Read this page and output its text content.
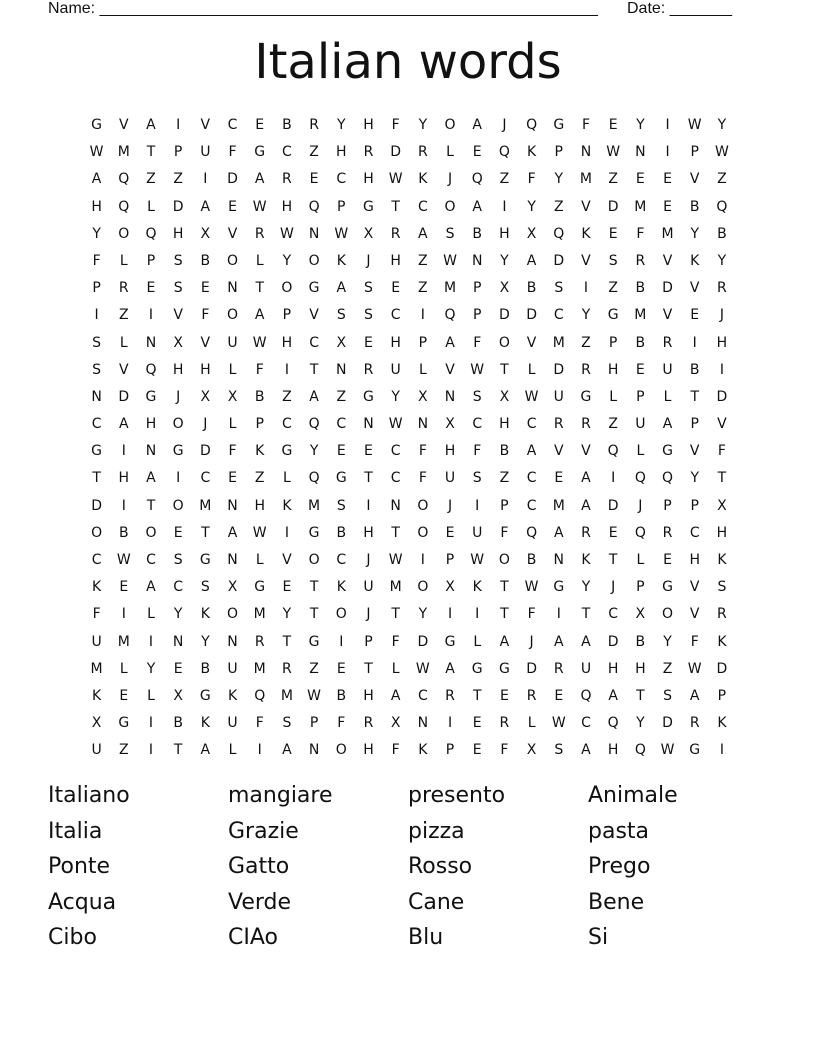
Name: ________________________________________________________ Date: _______
Italian words
G	V	A	I	V	C	E	B	R	Y	H	F	Y	O	A	J	Q	G	F	E	Y	I	W	Y
W	M	T	P	U	F	G	C	Z	H	R	D	R	L	E	Q	K	P	N	W	N	I	P	W
A	Q	Z	Z	I	D	A	R	E	C	H	W	K	J	Q	Z	F	Y	M	Z	E	E	V	Z
H	Q	L	D	A	E	W	H	Q	P	G	T	C	O	A	I	Y	Z	V	D	M	E	B	Q
Y	O	Q	H	X	V	R	W	N	W	X	R	A	S	B	H	X	Q	K	E	F	M	Y	B
F	L	P	S	B	O	L	Y	O	K	J	H	Z	W	N	Y	A	D	V	S	R	V	K	Y
P	R	E	S	E	N	T	O	G	A	S	E	Z	M	P	X	B	S	I	Z	B	D	V	R
I	Z	I	V	F	O	A	P	V	S	S	C	I	Q	P	D	D	C	Y	G	M	V	E	J
S	L	N	X	V	U	W	H	C	X	E	H	P	A	F	O	V	M	Z	P	B	R	I	H
S	V	Q	H	H	L	F	I	T	N	R	U	L	V	W	T	L	D	R	H	E	U	B	I
N	D	G	J	X	X	B	Z	A	Z	G	Y	X	N	S	X	W	U	G	L	P	L	T	D
C	A	H	O	J	L	P	C	Q	C	N	W	N	X	C	H	C	R	R	Z	U	A	P	V
G	I	N	G	D	F	K	G	Y	E	E	C	F	H	F	B	A	V	V	Q	L	G	V	F
T	H	A	I	C	E	Z	L	Q	G	T	C	F	U	S	Z	C	E	A	I	Q	Q	Y	T
D	I	T	O	M	N	H	K	M	S	I	N	O	J	I	P	C	M	A	D	J	P	P	X
O	B	O	E	T	A	W	I	G	B	H	T	O	E	U	F	Q	A	R	E	Q	R	C	H
C	W	C	S	G	N	L	V	O	C	J	W	I	P	W	O	B	N	K	T	L	E	H	K
K	E	A	C	S	X	G	E	T	K	U	M	O	X	K	T	W	G	Y	J	P	G	V	S
F	I	L	Y	K	O	M	Y	T	O	J	T	Y	I	I	T	F	I	T	C	X	O	V	R
U	M	I	N	Y	N	R	T	G	I	P	F	D	G	L	A	J	A	A	D	B	Y	F	K
M	L	Y	E	B	U	M	R	Z	E	T	L	W	A	G	G	D	R	U	H	H	Z	W	D
K	E	L	X	G	K	Q	M	W	B	H	A	C	R	T	E	R	E	Q	A	T	S	A	P
X	G	I	B	K	U	F	S	P	F	R	X	N	I	E	R	L	W	C	Q	Y	D	R	K
U	Z	I	T	A	L	I	A	N	O	H	F	K	P	E	F	X	S	A	H	Q	W	G	I
Italiano	mangiare	presento	Animale
Italia	Grazie	pizza	pasta
Ponte	Gatto	Rosso	Prego
Acqua	Verde	Cane	Bene
Cibo	CIAo	Blu	Si
